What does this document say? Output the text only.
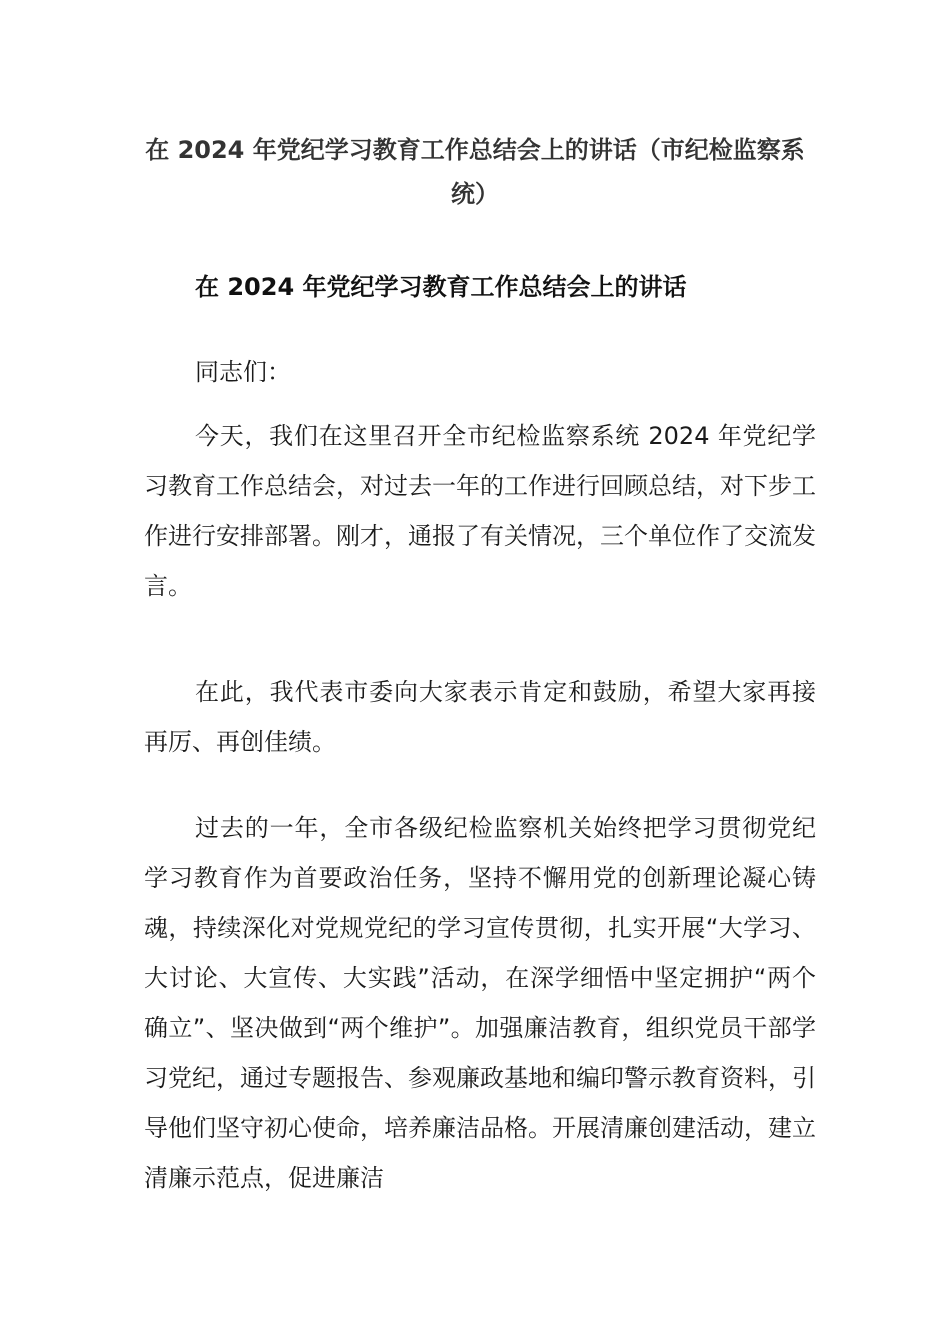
在 2024 年党纪学习教育工作总结会上的讲话（市纪检监察系统）
在 2024 年党纪学习教育工作总结会上的讲话

同志们：

今天，我们在这里召开全市纪检监察系统 2024 年党纪学习教育工作总结会，对过去一年的工作进行回顾总结，对下步工作进行安排部署。刚才，通报了有关情况，三个单位作了交流发言。

在此，我代表市委向大家表示肯定和鼓励，希望大家再接再厉、再创佳绩。

过去的一年，全市各级纪检监察机关始终把学习贯彻党纪学习教育作为首要政治任务，坚持不懈用党的创新理论凝心铸魂，持续深化对党规党纪的学习宣传贯彻，扎实开展“大学习、大讨论、大宣传、大实践”活动，在深学细悟中坚定拥护“两个确立”、坚决做到“两个维护”。加强廉洁教育，组织党员干部学习党纪，通过专题报告、参观廉政基地和编印警示教育资料，引导他们坚守初心使命，培养廉洁品格。开展清廉创建活动，建立清廉示范点，促进廉洁
